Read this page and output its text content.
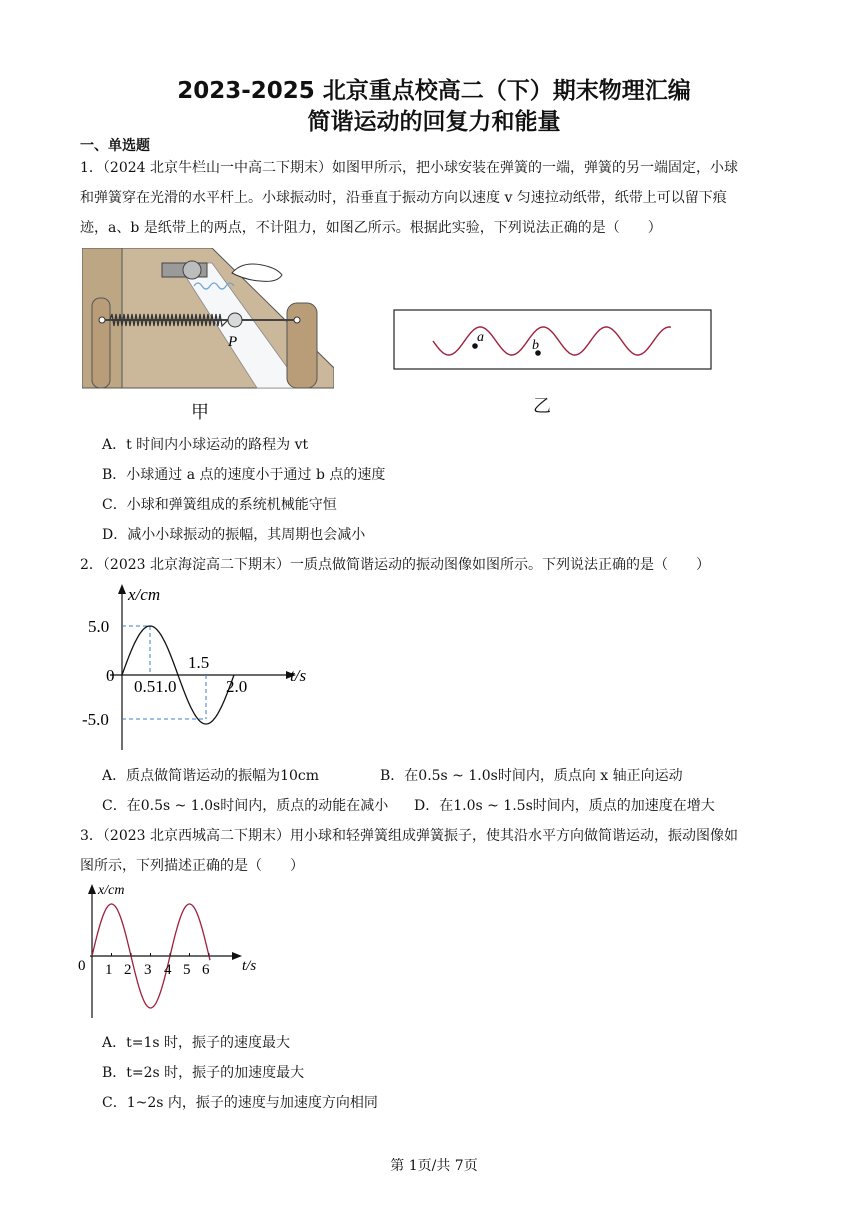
2023-2025 北京重点校高二（下）期末物理汇编
简谐运动的回复力和能量
一、单选题
1．（2024 北京牛栏山一中高二下期末）如图甲所示，把小球安装在弹簧的一端，弹簧的另一端固定，小球
和弹簧穿在光滑的水平杆上。小球振动时，沿垂直于振动方向以速度 v 匀速拉动纸带，纸带上可以留下痕
迹，a、b 是纸带上的两点，不计阻力，如图乙所示。根据此实验，下列说法正确的是（　　）
P
甲
a
b
乙
A．t 时间内小球运动的路程为 vt
B．小球通过 a 点的速度小于通过 b 点的速度
C．小球和弹簧组成的系统机械能守恒
D．减小小球振动的振幅，其周期也会减小
2．（2023 北京海淀高二下期末）一质点做简谐运动的振动图像如图所示。下列说法正确的是（　　）
x/cm
t/s
5.0
0
-5.0
0.51.0
1.5
2.0
A．质点做简谐运动的振幅为10cm	B．在0.5s ~ 1.0s时间内，质点向 x 轴正向运动
C．在0.5s ~ 1.0s时间内，质点的动能在减小 D．在1.0s ~ 1.5s时间内，质点的加速度在增大
3．（2023 北京西城高二下期末）用小球和轻弹簧组成弹簧振子，使其沿水平方向做简谐运动，振动图像如
图所示，下列描述正确的是（　　）
x/cm
t/s
0 1 2 3 4 5 6
A．t=1s 时，振子的速度最大
B．t=2s 时，振子的加速度最大
C．1~2s 内，振子的速度与加速度方向相同
第 1页/共 7页
